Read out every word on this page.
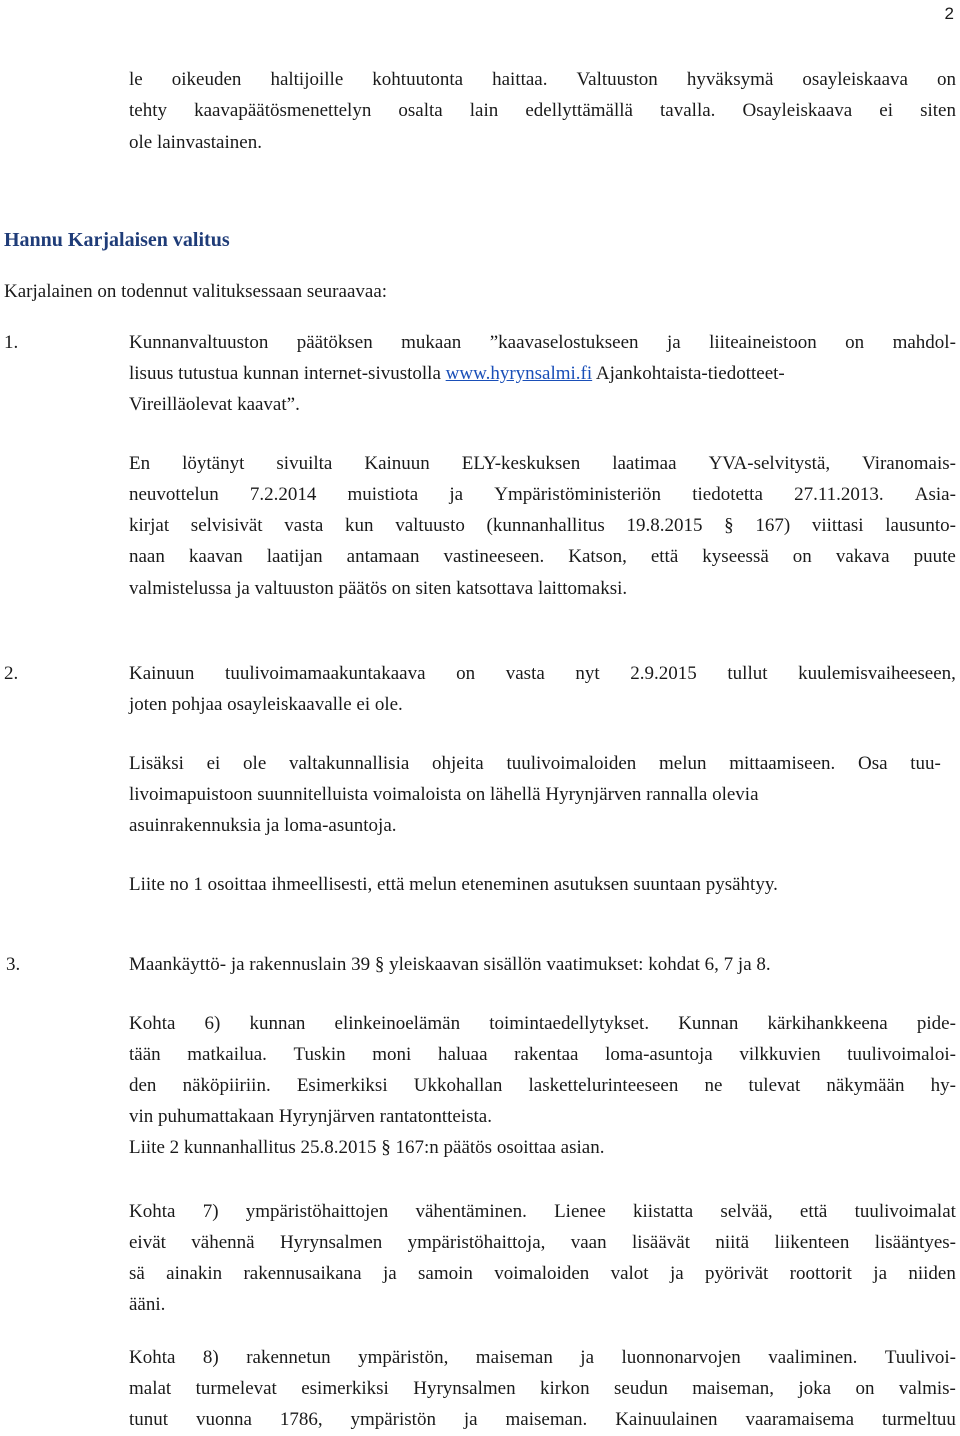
2
le oikeuden haltijoille kohtuutonta haittaa. Valtuuston hyväksymä osayleiskaava on
tehty kaavapäätösmenettelyn osalta lain edellyttämällä tavalla. Osayleiskaava ei siten
ole lainvastainen.
Hannu Karjalaisen valitus
Karjalainen on todennut valituksessaan seuraavaa:
1.	Kunnanvaltuuston päätöksen mukaan ”kaavaselostukseen ja liiteaineistoon on mahdol-
lisuus tutustua kunnan internet-sivustolla www.hyrynsalmi.fi Ajankohtaista-tiedotteet-
Vireilläolevat kaavat”.
En löytänyt sivuilta Kainuun ELY-keskuksen laatimaa YVA-selvitystä, Viranomais-
neuvottelun 7.2.2014 muistiota ja Ympäristöministeriön tiedotetta 27.11.2013. Asia-
kirjat selvisivät vasta kun valtuusto (kunnanhallitus 19.8.2015 § 167) viittasi lausunto-
naan kaavan laatijan antamaan vastineeseen. Katson, että kyseessä on vakava puute
valmistelussa ja valtuuston päätös on siten katsottava laittomaksi.
2.	Kainuun tuulivoimamaakuntakaava on vasta nyt 2.9.2015 tullut kuulemisvaiheeseen,
joten pohjaa osayleiskaavalle ei ole.
Lisäksi ei ole valtakunnallisia ohjeita tuulivoimaloiden melun mittaamiseen. Osa tuu-
livoimapuistoon suunnitelluista voimaloista on lähellä Hyrynjärven rannalla olevia
asuinrakennuksia ja loma-asuntoja.
Liite no 1 osoittaa ihmeellisesti, että melun eteneminen asutuksen suuntaan pysähtyy.
3.	Maankäyttö- ja rakennuslain 39 § yleiskaavan sisällön vaatimukset: kohdat 6, 7 ja 8.
Kohta 6) kunnan elinkeinoelämän toimintaedellytykset. Kunnan kärkihankkeena pide-
tään matkailua. Tuskin moni haluaa rakentaa loma-asuntoja vilkkuvien tuulivoimaloi-
den näköpiiriin. Esimerkiksi Ukkohallan laskettelurinteeseen ne tulevat näkymään hy-
vin puhumattakaan Hyrynjärven rantatontteista.
Liite 2 kunnanhallitus 25.8.2015 § 167:n päätös osoittaa asian.
Kohta 7) ympäristöhaittojen vähentäminen. Lienee kiistatta selvää, että tuulivoimalat
eivät vähennä Hyrynsalmen ympäristöhaittoja, vaan lisäävät niitä liikenteen lisääntyes-
sä ainakin rakennusaikana ja samoin voimaloiden valot ja pyörivät roottorit ja niiden
ääni.
Kohta 8) rakennetun ympäristön, maiseman ja luonnonarvojen vaaliminen. Tuulivoi-
malat turmelevat esimerkiksi Hyrynsalmen kirkon seudun maiseman, joka on valmis-
tunut vuonna 1786, ympäristön ja maiseman. Kainuulainen vaaramaisema turmeltuu
